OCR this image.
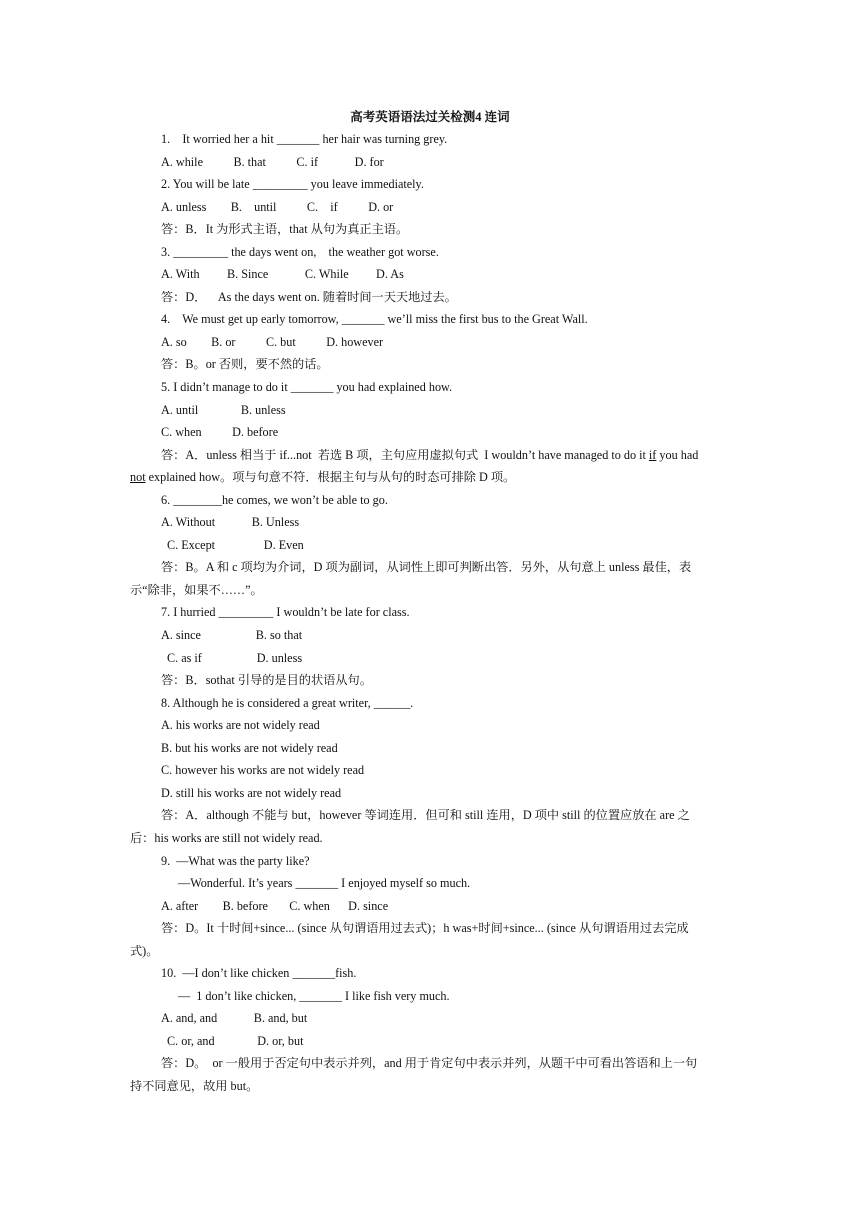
高考英语语法过关检测4 连词
1.    It worried her a hit _______ her hair was turning grey.
A. while          B. that          C. if            D. for
2. You will be late _________ you leave immediately.
A. unless        B.    until          C.    if          D. or
答：B．It 为形式主语，that 从句为真正主语。
3. _________ the days went on,    the weather got worse.
A. With         B. Since            C. While         D. As
答：D．    As the days went on. 随着时间一天天地过去。
4.    We must get up early tomorrow, _______ we’ll miss the first bus to the Great Wall.
A. so        B. or          C. but          D. however
答：B。or 否则，要不然的话。
5. I didn’t manage to do it _______ you had explained how.
A. until              B. unless
C. when          D. before
答：A．unless 相当于 if...not  若选 B 项，主句应用虚拟句式  I wouldn’t have managed to do it if you had
not explained how。项与句意不符．根据主句与从句的时态可排除 D 项。
6. ________he comes, we won’t be able to go.
A. Without            B. Unless
C. Except                D. Even
答：B。A 和 c 项均为介词，D 项为副词，从词性上即可判断出答．另外，从句意上 unless 最佳，表
示“除非，如果不……”。
7. I hurried _________ I wouldn’t be late for class.
A. since                  B. so that
C. as if                  D. unless
答：B．sothat 引导的是目的状语从句。
8. Although he is considered a great writer, ______.
A. his works are not widely read
B. but his works are not widely read
C. however his works are not widely read
D. still his works are not widely read
答：A．although 不能与 but，however 等词连用．但可和 still 连用，D 项中 still 的位置应放在 are 之
后：his works are still not widely read.
9.  —What was the party like?
—Wonderful. It’s years _______ I enjoyed myself so much.
A. after        B. before       C. when      D. since
答：D。It 十时间+since... (since 从句谓语用过去式)；h was+时间+since... (since 从句谓语用过去完成
式)。
10.  —I don’t like chicken _______fish.
—  1 don’t like chicken, _______ I like fish very much.
A. and, and            B. and, but
C. or, and              D. or, but
答：D。  or 一般用于否定句中表示并列，and 用于肯定句中表示并列，从题干中可看出答语和上一句
持不同意见，故用 but。
